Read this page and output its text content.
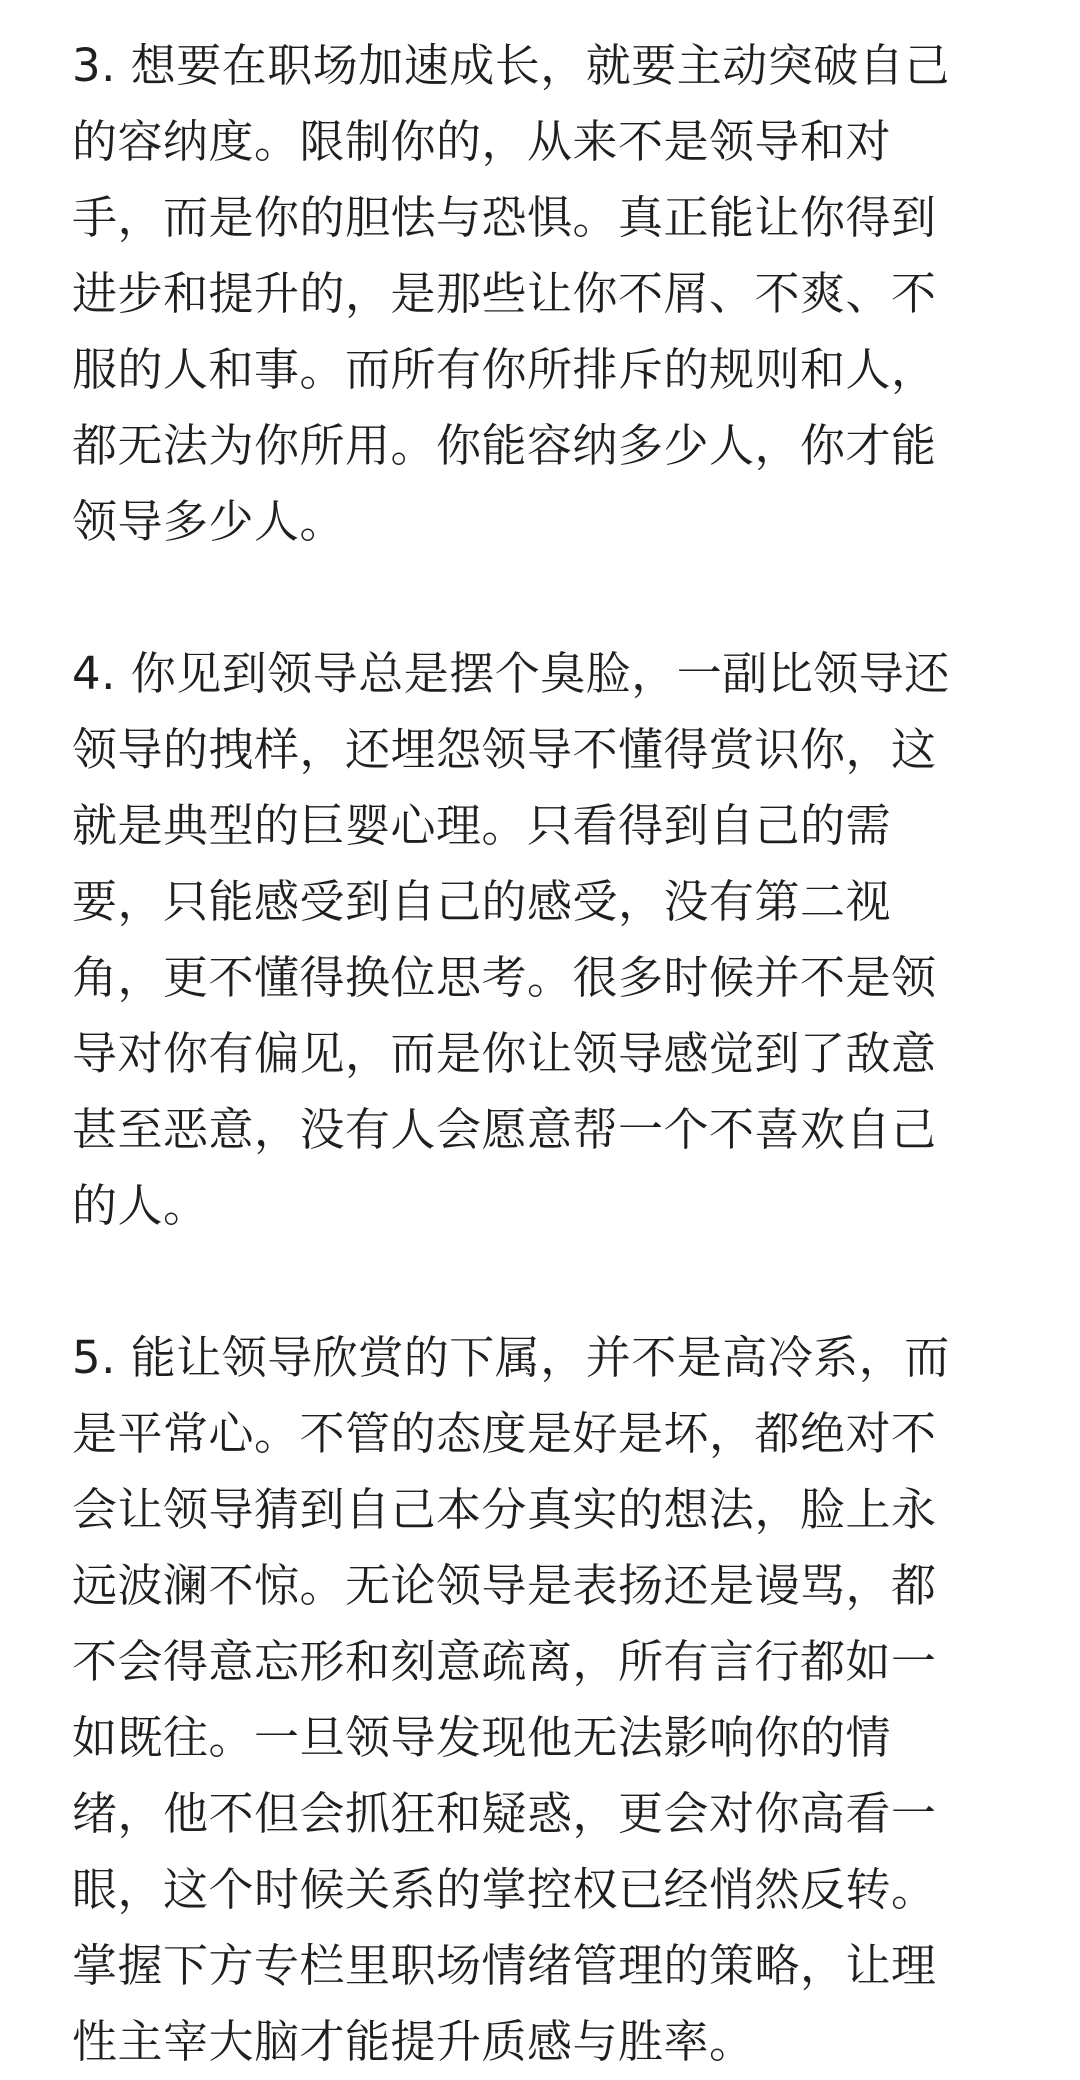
3. 想要在职场加速成长，就要主动突破自己
的容纳度。限制你的，从来不是领导和对
手，而是你的胆怯与恐惧。真正能让你得到
进步和提升的，是那些让你不屑、不爽、不
服的人和事。而所有你所排斥的规则和人，
都无法为你所用。你能容纳多少人，你才能
领导多少人。

4. 你见到领导总是摆个臭脸，一副比领导还
领导的拽样，还埋怨领导不懂得赏识你，这
就是典型的巨婴心理。只看得到自己的需
要，只能感受到自己的感受，没有第二视
角，更不懂得换位思考。很多时候并不是领
导对你有偏见，而是你让领导感觉到了敌意
甚至恶意，没有人会愿意帮一个不喜欢自己
的人。

5. 能让领导欣赏的下属，并不是高冷系，而
是平常心。不管的态度是好是坏，都绝对不
会让领导猜到自己本分真实的想法，脸上永
远波澜不惊。无论领导是表扬还是谩骂，都
不会得意忘形和刻意疏离，所有言行都如一
如既往。一旦领导发现他无法影响你的情
绪，他不但会抓狂和疑惑，更会对你高看一
眼，这个时候关系的掌控权已经悄然反转。
掌握下方专栏里职场情绪管理的策略，让理
性主宰大脑才能提升质感与胜率。
